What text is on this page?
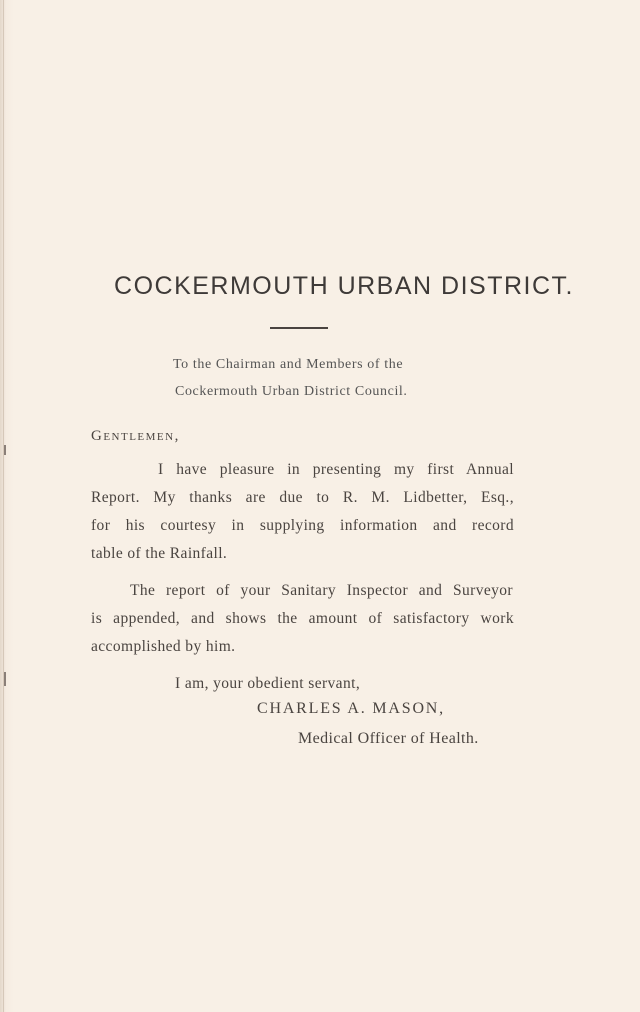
COCKERMOUTH URBAN DISTRICT.
To the Chairman and Members of the
Cockermouth Urban District Council.
Gentlemen,
I have pleasure in presenting my first Annual
Report. My thanks are due to R. M. Lidbetter, Esq.,
for his courtesy in supplying information and record
table of the Rainfall.
The report of your Sanitary Inspector and Surveyor
is appended, and shows the amount of satisfactory work
accomplished by him.
I am, your obedient servant,
CHARLES A. MASON,
Medical Officer of Health.
